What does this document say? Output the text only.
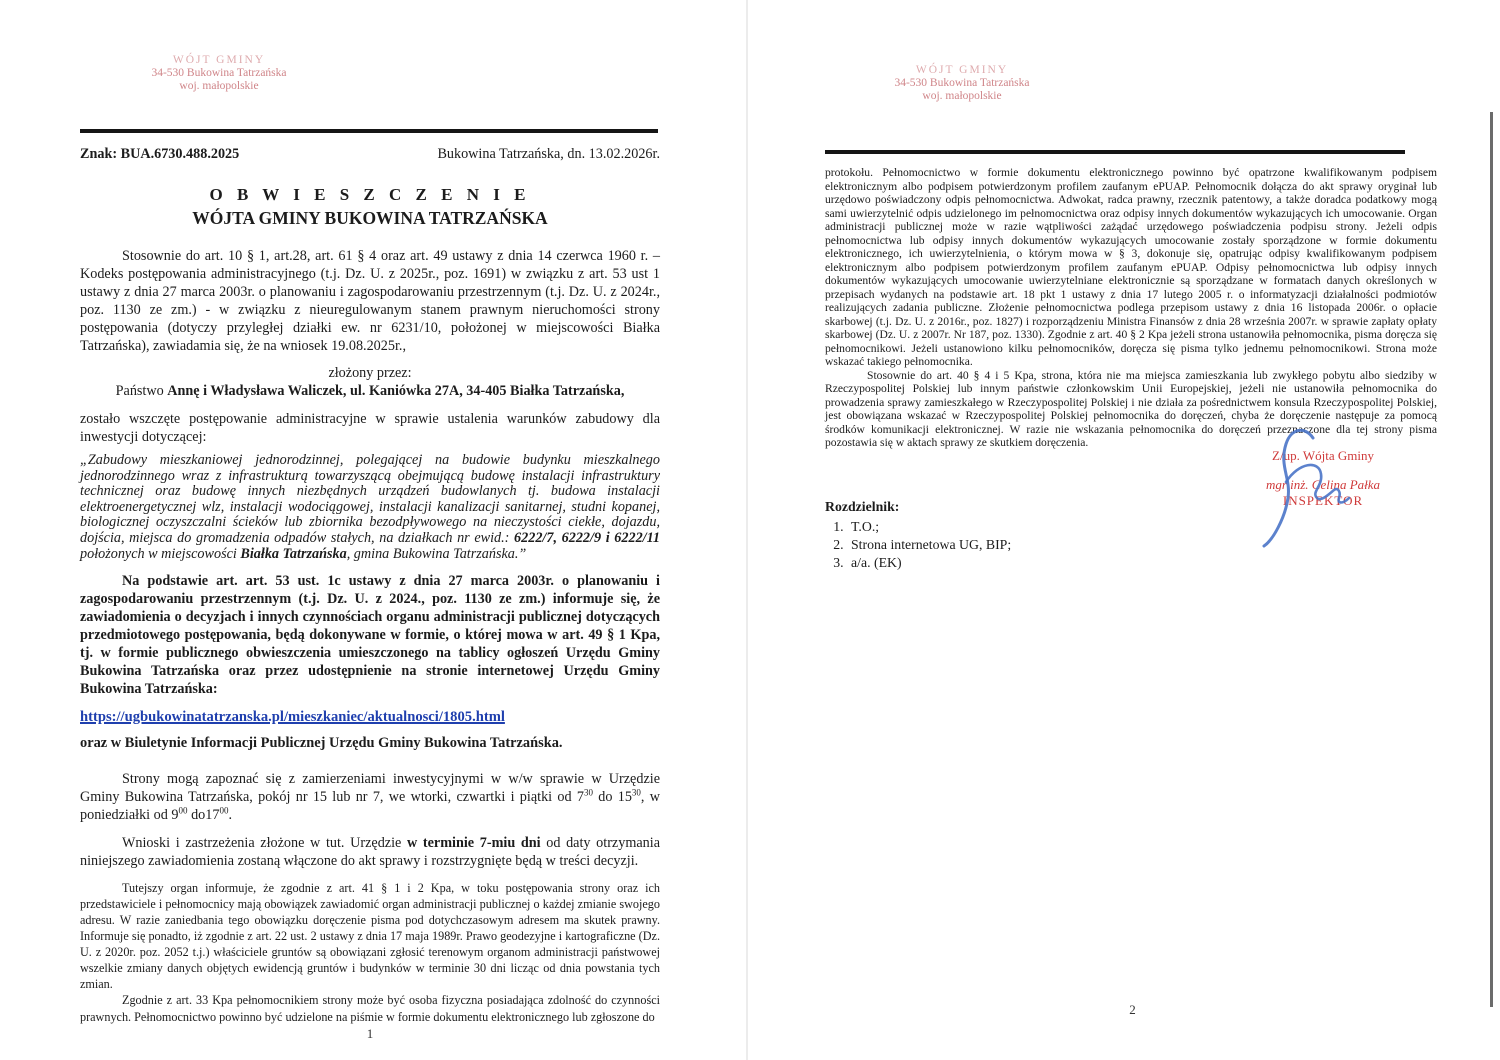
WÓJT GMINY
34-530 Bukowina Tatrzańska
woj. małopolskie
Znak: BUA.6730.488.2025	Bukowina Tatrzańska, dn. 13.02.2026r.
O B W I E S Z C Z E N I E
WÓJTA GMINY BUKOWINA TATRZAŃSKA

Stosownie do art. 10 § 1, art.28, art. 61 § 4 oraz art. 49 ustawy z dnia 14 czerwca 1960 r. – Kodeks postępowania administracyjnego (t.j. Dz. U. z 2025r., poz. 1691) w związku z art. 53 ust 1 ustawy z dnia 27 marca 2003r. o planowaniu i zagospodarowaniu przestrzennym (t.j. Dz. U. z 2024r., poz. 1130 ze zm.) - w związku z nieuregulowanym stanem prawnym nieruchomości strony postępowania (dotyczy przyległej działki ew. nr 6231/10, położonej w miejscowości Białka Tatrzańska), zawiadamia się, że na wniosek 19.08.2025r.,

złożony przez:

Państwo Annę i Władysława Waliczek, ul. Kaniówka 27A, 34-405 Białka Tatrzańska,

zostało wszczęte postępowanie administracyjne w sprawie ustalenia warunków zabudowy dla inwestycji dotyczącej:

„Zabudowy mieszkaniowej jednorodzinnej, polegającej na budowie budynku mieszkalnego jednorodzinnego wraz z infrastrukturą towarzyszącą obejmującą budowę instalacji infrastruktury technicznej oraz budowę innych niezbędnych urządzeń budowlanych tj. budowa instalacji elektroenergetycznej wlz, instalacji wodociągowej, instalacji kanalizacji sanitarnej, studni kopanej, biologicznej oczyszczalni ścieków lub zbiornika bezodpływowego na nieczystości ciekłe, dojazdu, dojścia, miejsca do gromadzenia odpadów stałych, na działkach nr ewid.: 6222/7, 6222/9 i 6222/11 położonych w miejscowości Białka Tatrzańska, gmina Bukowina Tatrzańska.”

Na podstawie art. art. 53 ust. 1c ustawy z dnia 27 marca 2003r. o planowaniu i zagospodarowaniu przestrzennym (t.j. Dz. U. z 2024., poz. 1130 ze zm.) informuje się, że zawiadomienia o decyzjach i innych czynnościach organu administracji publicznej dotyczących przedmiotowego postępowania, będą dokonywane w formie, o której mowa w art. 49 § 1 Kpa, tj. w formie publicznego obwieszczenia umieszczonego na tablicy ogłoszeń Urzędu Gminy Bukowina Tatrzańska oraz przez udostępnienie na stronie internetowej Urzędu Gminy Bukowina Tatrzańska:

https://ugbukowinatatrzanska.pl/mieszkaniec/aktualnosci/1805.html

oraz w Biuletynie Informacji Publicznej Urzędu Gminy Bukowina Tatrzańska.

Strony mogą zapoznać się z zamierzeniami inwestycyjnymi w w/w sprawie w Urzędzie Gminy Bukowina Tatrzańska, pokój nr 15 lub nr 7, we wtorki, czwartki i piątki od $7^{30}$ do $15^{30}$, w poniedziałki od $9^{00}$ $do17^{00}$.

Wnioski i zastrzeżenia złożone w tut. Urzędzie w terminie 7-miu dni od daty otrzymania niniejszego zawiadomienia zostaną włączone do akt sprawy i rozstrzygnięte będą w treści decyzji.

Tutejszy organ informuje, że zgodnie z art. 41 § 1 i 2 Kpa, w toku postępowania strony oraz ich przedstawiciele i pełnomocnicy mają obowiązek zawiadomić organ administracji publicznej o każdej zmianie swojego adresu. W razie zaniedbania tego obowiązku doręczenie pisma pod dotychczasowym adresem ma skutek prawny. Informuje się ponadto, iż zgodnie z art. 22 ust. 2 ustawy z dnia 17 maja 1989r. Prawo geodezyjne i kartograficzne (Dz. U. z 2020r. poz. 2052 t.j.) właściciele gruntów są obowiązani zgłosić terenowym organom administracji państwowej wszelkie zmiany danych objętych ewidencją gruntów i budynków w terminie 30 dni licząc od dnia powstania tych zmian.

Zgodnie z art. 33 Kpa pełnomocnikiem strony może być osoba fizyczna posiadająca zdolność do czynności prawnych. Pełnomocnictwo powinno być udzielone na piśmie w formie dokumentu elektronicznego lub zgłoszone do

1
WÓJT GMINY
34-530 Bukowina Tatrzańska
woj. małopolskie

protokołu. Pełnomocnictwo w formie dokumentu elektronicznego powinno być opatrzone kwalifikowanym podpisem elektronicznym albo podpisem potwierdzonym profilem zaufanym ePUAP. Pełnomocnik dołącza do akt sprawy oryginał lub urzędowo poświadczony odpis pełnomocnictwa. Adwokat, radca prawny, rzecznik patentowy, a także doradca podatkowy mogą sami uwierzytelnić odpis udzielonego im pełnomocnictwa oraz odpisy innych dokumentów wykazujących ich umocowanie. Organ administracji publicznej może w razie wątpliwości zażądać urzędowego poświadczenia podpisu strony. Jeżeli odpis pełnomocnictwa lub odpisy innych dokumentów wykazujących umocowanie zostały sporządzone w formie dokumentu elektronicznego, ich uwierzytelnienia, o którym mowa w § 3, dokonuje się, opatrując odpisy kwalifikowanym podpisem elektronicznym albo podpisem potwierdzonym profilem zaufanym ePUAP. Odpisy pełnomocnictwa lub odpisy innych dokumentów wykazujących umocowanie uwierzytelniane elektronicznie są sporządzane w formatach danych określonych w przepisach wydanych na podstawie art. 18 pkt 1 ustawy z dnia 17 lutego 2005 r. o informatyzacji działalności podmiotów realizujących zadania publiczne. Złożenie pełnomocnictwa podlega przepisom ustawy z dnia 16 listopada 2006r. o opłacie skarbowej (t.j. Dz. U. z 2016r., poz. 1827) i rozporządzeniu Ministra Finansów z dnia 28 września 2007r. w sprawie zapłaty opłaty skarbowej (Dz. U. z 2007r. Nr 187, poz. 1330). Zgodnie z art. 40 § 2 Kpa jeżeli strona ustanowiła pełnomocnika, pisma doręcza się pełnomocnikowi. Jeżeli ustanowiono kilku pełnomocników, doręcza się pisma tylko jednemu pełnomocnikowi. Strona może wskazać takiego pełnomocnika.

Stosownie do art. 40 § 4 i 5 Kpa, strona, która nie ma miejsca zamieszkania lub zwykłego pobytu albo siedziby w Rzeczypospolitej Polskiej lub innym państwie członkowskim Unii Europejskiej, jeżeli nie ustanowiła pełnomocnika do prowadzenia sprawy zamieszkałego w Rzeczypospolitej Polskiej i nie działa za pośrednictwem konsula Rzeczypospolitej Polskiej, jest obowiązana wskazać w Rzeczypospolitej Polskiej pełnomocnika do doręczeń, chyba że doręczenie następuje za pomocą środków komunikacji elektronicznej. W razie nie wskazania pełnomocnika do doręczeń przeznaczone dla tej strony pisma pozostawia się w aktach sprawy ze skutkiem doręczenia.

Z/up. Wójta Gminy
mgr inż. Celina Pałka
INSPEKTOR
Rozdzielnik:
1. T.O.;
2. Strona internetowa UG, BIP;
3. a/a. (EK)
2
